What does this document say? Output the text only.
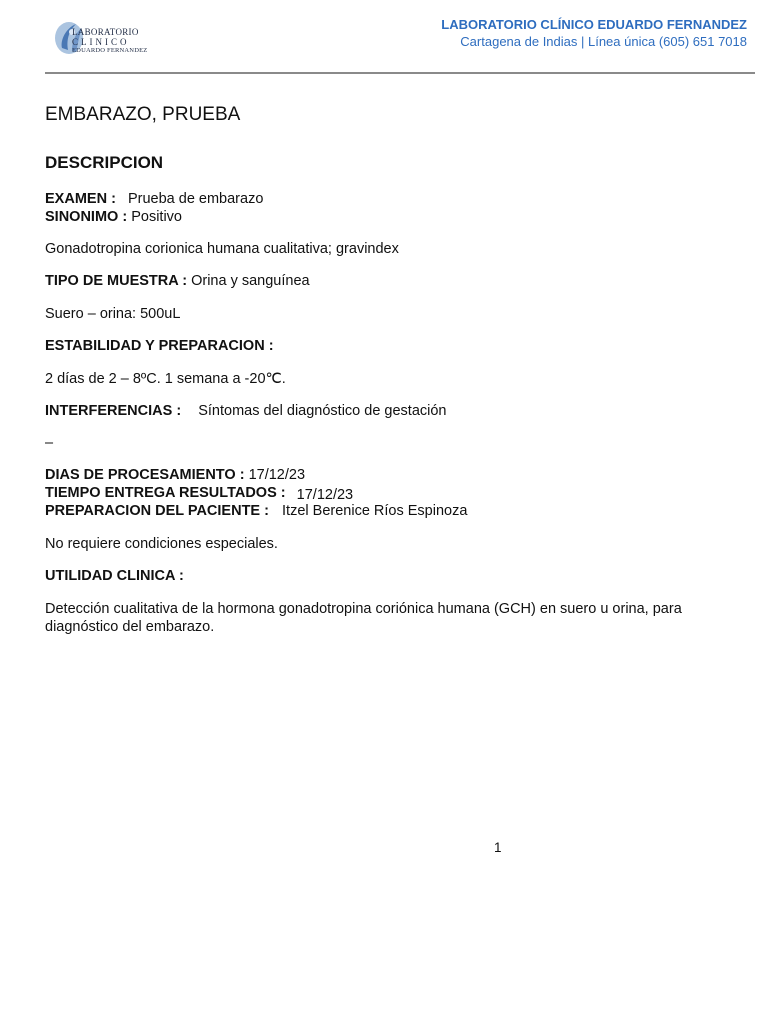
LABORATORIO
CLINICO
EDUARDO FERNANDEZ
LABORATORIO CLÍNICO EDUARDO FERNANDEZ
Cartagena de Indias | Línea única (605) 651 7018
EMBARAZO, PRUEBA
DESCRIPCION
EXAMEN : Prueba de embarazo
SINONIMO : Positivo
Gonadotropina corionica humana cualitativa; gravindex
TIPO DE MUESTRA : Orina y sanguínea
Suero – orina: 500uL
ESTABILIDAD Y PREPARACION :
2 días de 2 – 8ºC. 1 semana a -20℃.
INTERFERENCIAS : Síntomas del diagnóstico de gestación
–
DIAS DE PROCESAMIENTO : 17/12/23
TIEMPO ENTREGA RESULTADOS : 17/12/23
PREPARACION DEL PACIENTE : Itzel Berenice Ríos Espinoza
No requiere condiciones especiales.
UTILIDAD CLINICA :
Detección cualitativa de la hormona gonadotropina coriónica humana (GCH) en suero u orina, para diagnóstico del embarazo.
1
